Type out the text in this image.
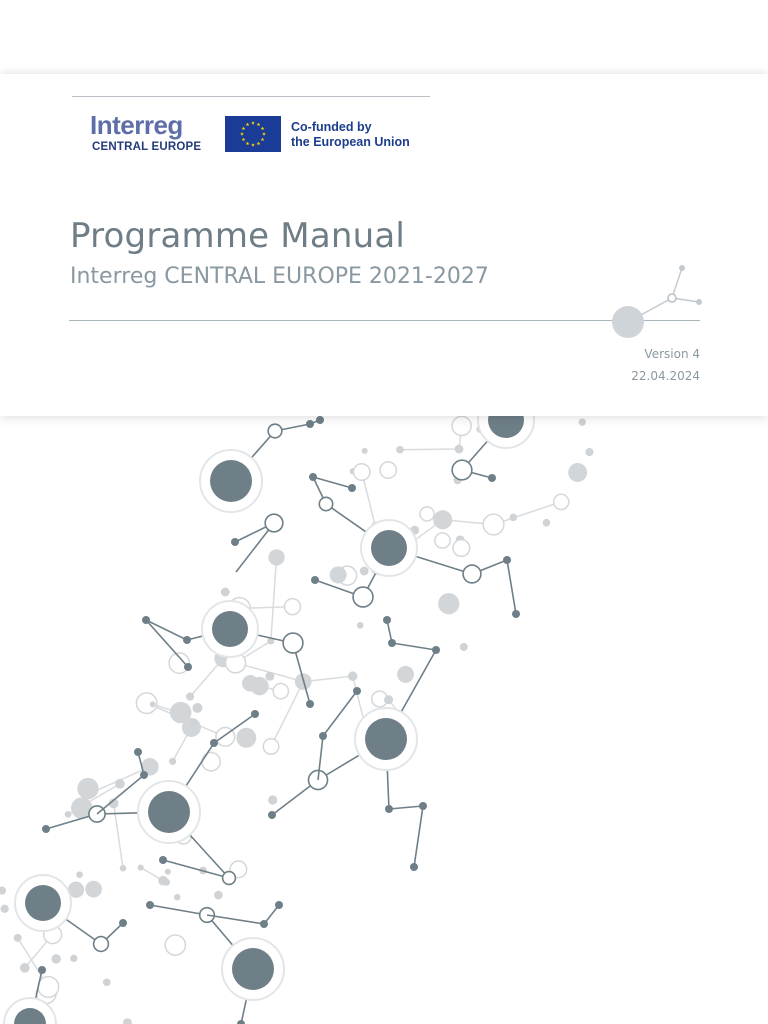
Interreg
CENTRAL EUROPE
Co-funded by
the European Union
Programme Manual
Interreg CENTRAL EUROPE 2021-2027
Version 4
22.04.2024
